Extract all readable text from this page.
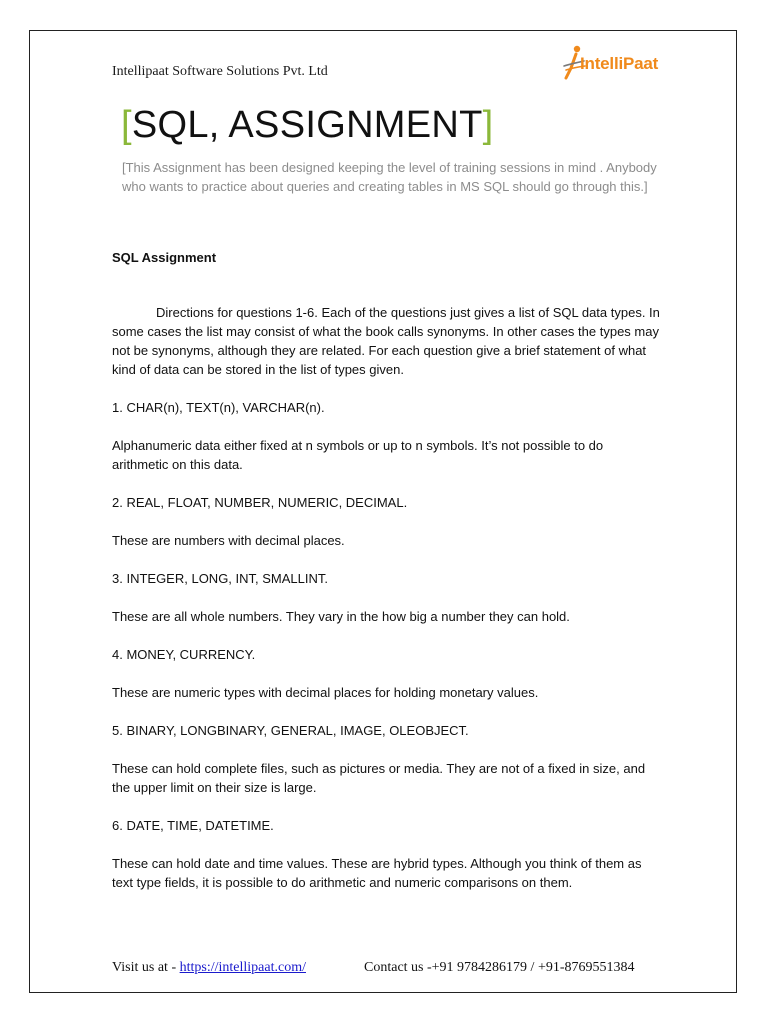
Intellipaat Software Solutions Pvt. Ltd	IntelliPaat
[SQL, ASSIGNMENT]
[This Assignment has been designed keeping the level of training sessions in mind . Anybody who wants to practice about queries and creating tables in MS SQL should go through this.]

SQL Assignment

Directions for questions 1-6. Each of the questions just gives a list of SQL data types. In some cases the list may consist of what the book calls synonyms. In other cases the types may not be synonyms, although they are related. For each question give a brief statement of what kind of data can be stored in the list of types given.

1. CHAR(n), TEXT(n), VARCHAR(n).

Alphanumeric data either fixed at n symbols or up to n symbols. It’s not possible to do arithmetic on this data.

2. REAL, FLOAT, NUMBER, NUMERIC, DECIMAL.

These are numbers with decimal places.

3. INTEGER, LONG, INT, SMALLINT.

These are all whole numbers. They vary in the how big a number they can hold.

4. MONEY, CURRENCY.

These are numeric types with decimal places for holding monetary values.

5. BINARY, LONGBINARY, GENERAL, IMAGE, OLEOBJECT.

These can hold complete files, such as pictures or media. They are not of a fixed in size, and the upper limit on their size is large.

6. DATE, TIME, DATETIME.

These can hold date and time values. These are hybrid types. Although you think of them as text type fields, it is possible to do arithmetic and numeric comparisons on them.

Visit us at - https://intellipaat.com/	Contact us -+91 9784286179 / +91-8769551384
